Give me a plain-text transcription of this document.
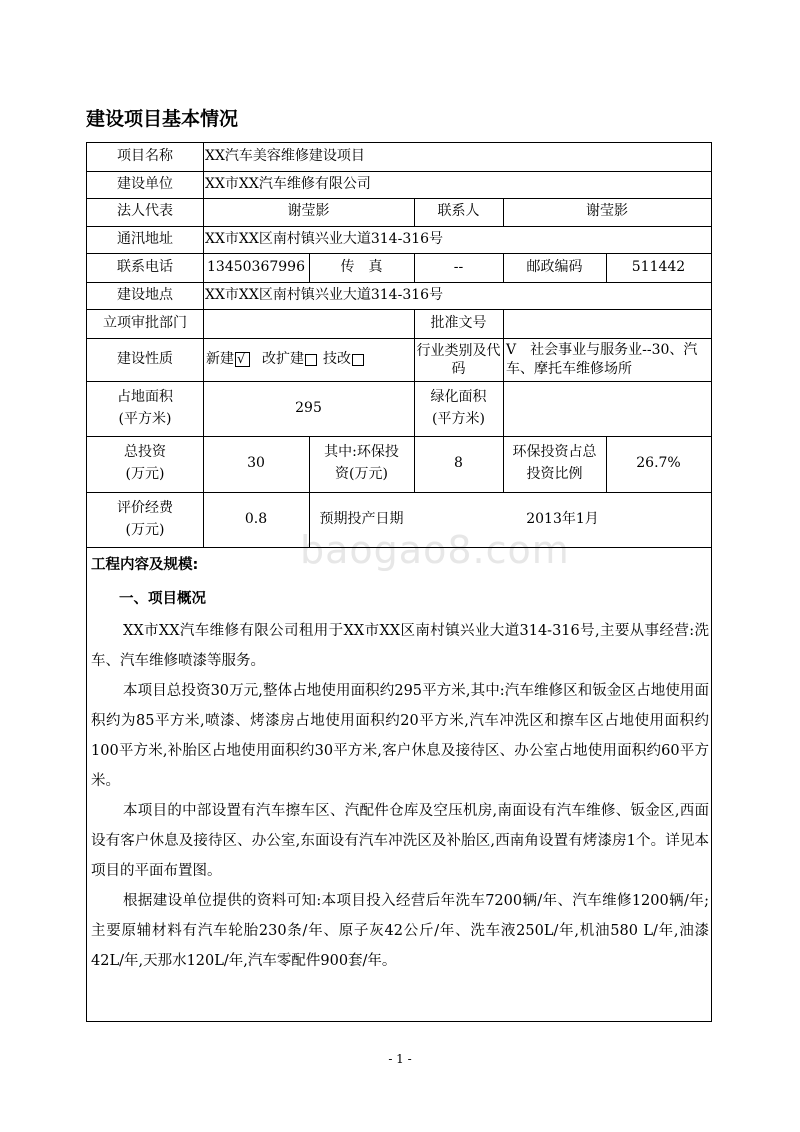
建设项目基本情况
baogao8.com
项目名称	XX汽车美容维修建设项目
建设单位	XX市XX汽车维修有限公司
法人代表	谢莹影	联系人	谢莹影
通汛地址	XX市XX区南村镇兴业大道314-316号
联系电话	13450367996	传　真	--	邮政编码	511442
建设地点	XX市XX区南村镇兴业大道314-316号
立项审批部门	批准文号
建设性质	新建
√ 改扩建 技改
行业类别及代码
V　社会事业与服务业--30、汽车、摩托车维修场所
占地面积
(平方米)
295
绿化面积
(平方米)
总投资
(万元)
30
其中:环保投
资(万元)
8
环保投资占总
投资比例
26.7%
评价经费
(万元)
0.8	预期投产日期	2013年1月
工程内容及规模:
一、项目概况

XX市XX汽车维修有限公司租用于XX市XX区南村镇兴业大道314-316号,主要从事经营:洗车、汽车维修喷漆等服务。

本项目总投资30万元,整体占地使用面积约295平方米,其中:汽车维修区和钣金区占地使用面积约为85平方米,喷漆、烤漆房占地使用面积约20平方米,汽车冲洗区和擦车区占地使用面积约100平方米,补胎区占地使用面积约30平方米,客户休息及接待区、办公室占地使用面积约60平方米。

本项目的中部设置有汽车擦车区、汽配件仓库及空压机房,南面设有汽车维修、钣金区,西面设有客户休息及接待区、办公室,东面设有汽车冲洗区及补胎区,西南角设置有烤漆房1个。详见本项目的平面布置图。

根据建设单位提供的资料可知:本项目投入经营后年洗车7200辆/年、汽车维修1200辆/年;主要原辅材料有汽车轮胎230条/年、原子灰42公斤/年、洗车液250L/年,机油580 L/年,油漆42L/年,天那水120L/年,汽车零配件900套/年。

- 1 -
